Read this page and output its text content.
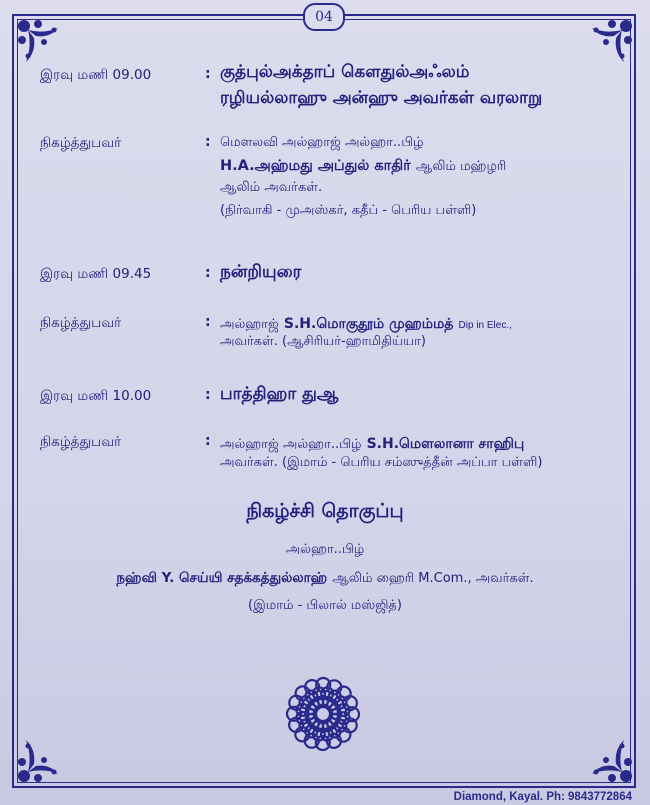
04
இரவு மணி 09.00	: குத்புல்அக்தாப் கௌதுல்அஃலம்
ரழியல்லாஹு அன்ஹு அவர்கள் வரலாறு
நிகழ்த்துபவர்	: மௌலவி அல்ஹாஜ் அல்ஹா..பிழ்
H.A.அஹ்மது அப்துல் காதிர் ஆலிம் மஹ்ழரி
ஆலிம் அவர்கள்.
(நிர்வாகி - முஅஸ்கர், கதீப் - பெரிய பள்ளி)
இரவு மணி 09.45	: நன்றியுரை
நிகழ்த்துபவர்	: அல்ஹாஜ் S.H.மொகுதூம் முஹம்மத் Dip in Elec.,
அவர்கள். (ஆசிரியர்-ஹாமிதிய்யா)
இரவு மணி 10.00	: பாத்திஹா துஆ
நிகழ்த்துபவர்	: அல்ஹாஜ் அல்ஹா..பிழ் S.H.மௌலானா சாஹிபு
அவர்கள். (இமாம் - பெரிய சம்ஸுத்தீன் அப்பா பள்ளி)
நிகழ்ச்சி தொகுப்பு
அல்ஹா..பிழ்
நஹ்வி Y. செய்யி சதக்கத்துல்லாஹ் ஆலிம் ஹைரி M.Com., அவர்கள்.
(இமாம் - பிலால் மஸ்ஜித்)
Diamond, Kayal. Ph: 9843772864
